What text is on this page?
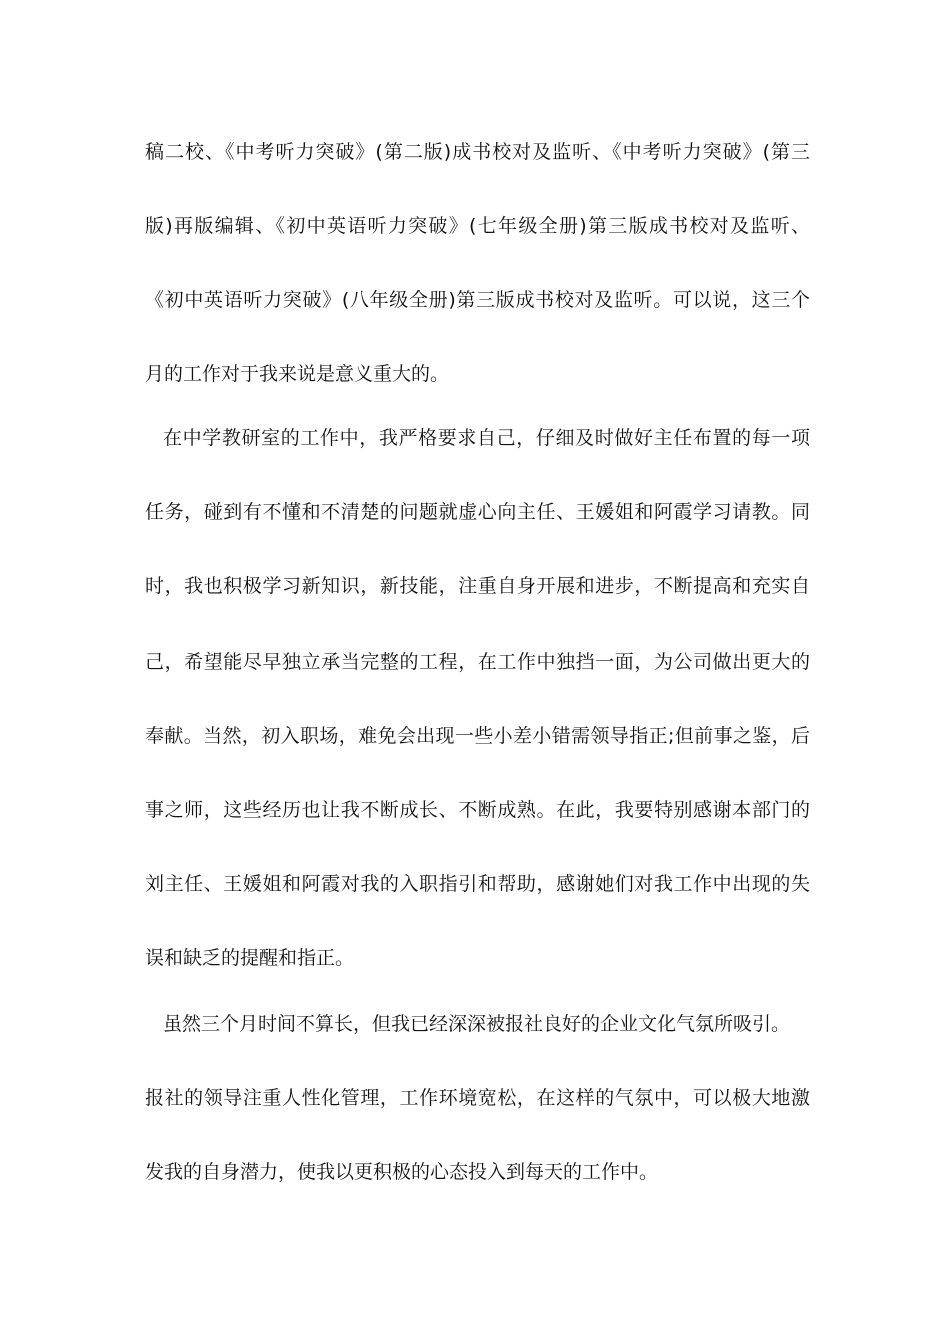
稿二校、《中考听力突破》(第二版)成书校对及监听、《中考听力突破》(第三
版)再版编辑、《初中英语听力突破》(七年级全册)第三版成书校对及监听、
《初中英语听力突破》(八年级全册)第三版成书校对及监听。可以说，这三个
月的工作对于我来说是意义重大的。
在中学教研室的工作中，我严格要求自己，仔细及时做好主任布置的每一项
任务，碰到有不懂和不清楚的问题就虚心向主任、王媛姐和阿霞学习请教。同
时，我也积极学习新知识，新技能，注重自身开展和进步，不断提高和充实自
己，希望能尽早独立承当完整的工程，在工作中独挡一面，为公司做出更大的
奉献。当然，初入职场，难免会出现一些小差小错需领导指正;但前事之鉴，后
事之师，这些经历也让我不断成长、不断成熟。在此，我要特别感谢本部门的
刘主任、王媛姐和阿霞对我的入职指引和帮助，感谢她们对我工作中出现的失
误和缺乏的提醒和指正。
虽然三个月时间不算长，但我已经深深被报社良好的企业文化气氛所吸引。
报社的领导注重人性化管理，工作环境宽松，在这样的气氛中，可以极大地激
发我的自身潜力，使我以更积极的心态投入到每天的工作中。
